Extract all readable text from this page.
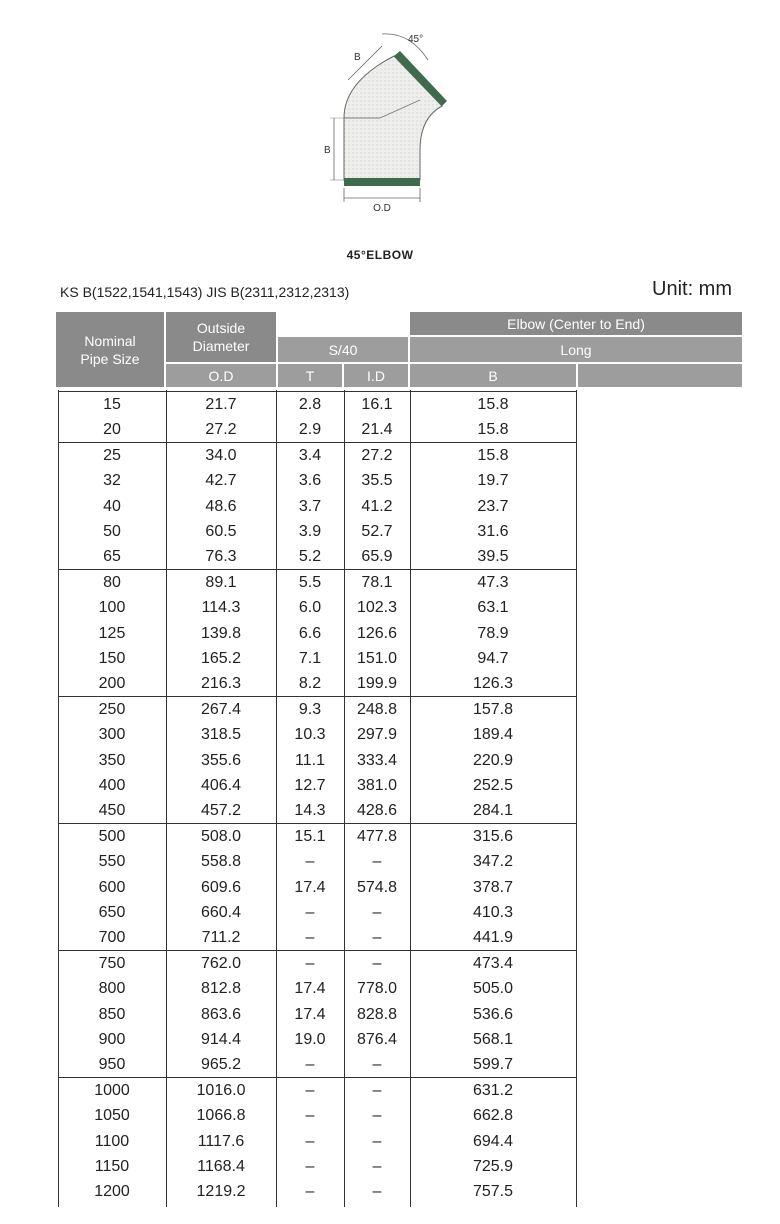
O.D
B
B
45°
45°ELBOW
KS B(1522,1541,1543) JIS B(2311,2312,2313)	Unit: mm
Nominal Pipe Size
Outside Diameter
O.D
S/40
T	I.D
Elbow (Center to End)
Long
B
15	21.7	2.8	16.1	15.8
20	27.2	2.9	21.4	15.8
25	34.0	3.4	27.2	15.8
32	42.7	3.6	35.5	19.7
40	48.6	3.7	41.2	23.7
50	60.5	3.9	52.7	31.6
65	76.3	5.2	65.9	39.5
80	89.1	5.5	78.1	47.3
100	114.3	6.0	102.3	63.1
125	139.8	6.6	126.6	78.9
150	165.2	7.1	151.0	94.7
200	216.3	8.2	199.9	126.3
250	267.4	9.3	248.8	157.8
300	318.5	10.3	297.9	189.4
350	355.6	11.1	333.4	220.9
400	406.4	12.7	381.0	252.5
450	457.2	14.3	428.6	284.1
500	508.0	15.1	477.8	315.6
550	558.8	–	–	347.2
600	609.6	17.4	574.8	378.7
650	660.4	–	–	410.3
700	711.2	–	–	441.9
750	762.0	–	–	473.4
800	812.8	17.4	778.0	505.0
850	863.6	17.4	828.8	536.6
900	914.4	19.0	876.4	568.1
950	965.2	–	–	599.7
1000	1016.0	–	–	631.2
1050	1066.8	–	–	662.8
1100	1117.6	–	–	694.4
1150	1168.4	–	–	725.9
1200	1219.2	–	–	757.5
